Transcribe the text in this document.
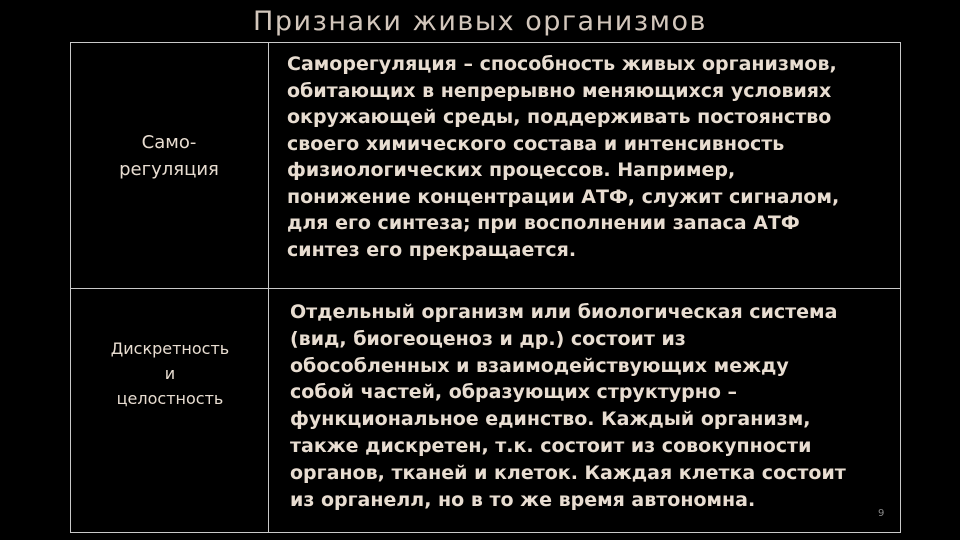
Признаки живых организмов
Само-
регуляция
Саморегуляция – способность живых организмов,
обитающих в непрерывно меняющихся условиях
окружающей среды, поддерживать постоянство
своего химического состава и интенсивность
физиологических процессов. Например,
понижение концентрации АТФ, служит сигналом,
для его синтеза; при восполнении запаса АТФ
синтез его прекращается.
Дискретность
и
целостность
Отдельный организм или биологическая система
(вид, биогеоценоз и др.) состоит из
обособленных и взаимодействующих между
собой частей, образующих структурно –
функциональное единство. Каждый организм,
также дискретен, т.к. состоит из совокупности
органов, тканей и клеток. Каждая клетка состоит
из органелл, но в то же время автономна.
9
